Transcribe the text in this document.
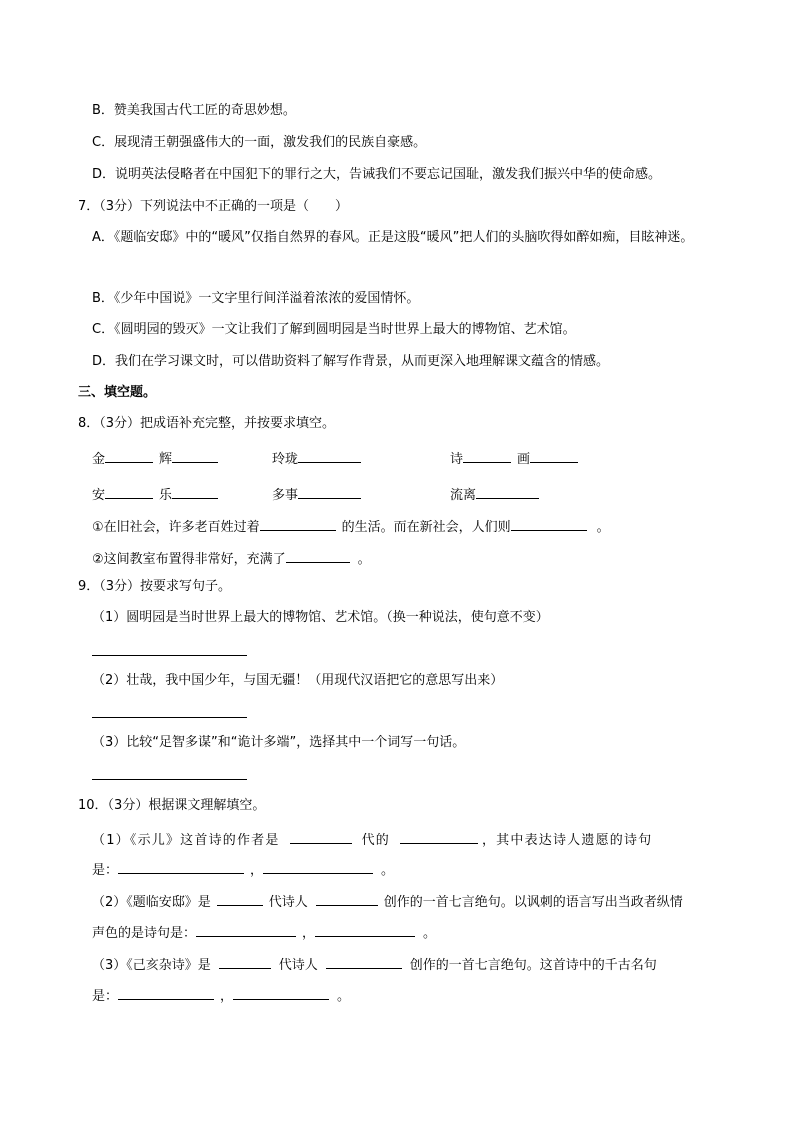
B．赞美我国古代工匠的奇思妙想。
C．展现清王朝强盛伟大的一面，激发我们的民族自豪感。
D．说明英法侵略者在中国犯下的罪行之大，告诫我们不要忘记国耻，激发我们振兴中华的使命感。
7．（3分）下列说法中不正确的一项是（　　）
A．《题临安邸》中的“暖风”仅指自然界的春风。正是这股“暖风”把人们的头脑吹得如醉如痴，目眩神迷。
B．《少年中国说》一文字里行间洋溢着浓浓的爱国情怀。
C．《圆明园的毁灭》一文让我们了解到圆明园是当时世界上最大的博物馆、艺术馆。
D．我们在学习课文时，可以借助资料了解写作背景，从而更深入地理解课文蕴含的情感。
三、填空题。
8．（3分）把成语补充完整，并按要求填空。
金	辉	玲珑	诗	画
安	乐	多事	流离
①在旧社会，许多老百姓过着	的生活。而在新社会，人们则	。
②这间教室布置得非常好，充满了	。
9．（3分）按要求写句子。
（1）圆明园是当时世界上最大的博物馆、艺术馆。（换一种说法，使句意不变）
（2）壮哉，我中国少年，与国无疆！（用现代汉语把它的意思写出来）
（3）比较“足智多谋”和“诡计多端”，选择其中一个词写一句话。
10．（3分）根据课文理解填空。
（1）《示儿》这首诗的作者是	代的	，其中表达诗人遗愿的诗句
是：	，	。
（2）《题临安邸》是	代诗人	创作的一首七言绝句。以讽刺的语言写出当政者纵情
声色的是诗句是：	，	。
（3）《己亥杂诗》是	代诗人	创作的一首七言绝句。这首诗中的千古名句
是：	，	。
